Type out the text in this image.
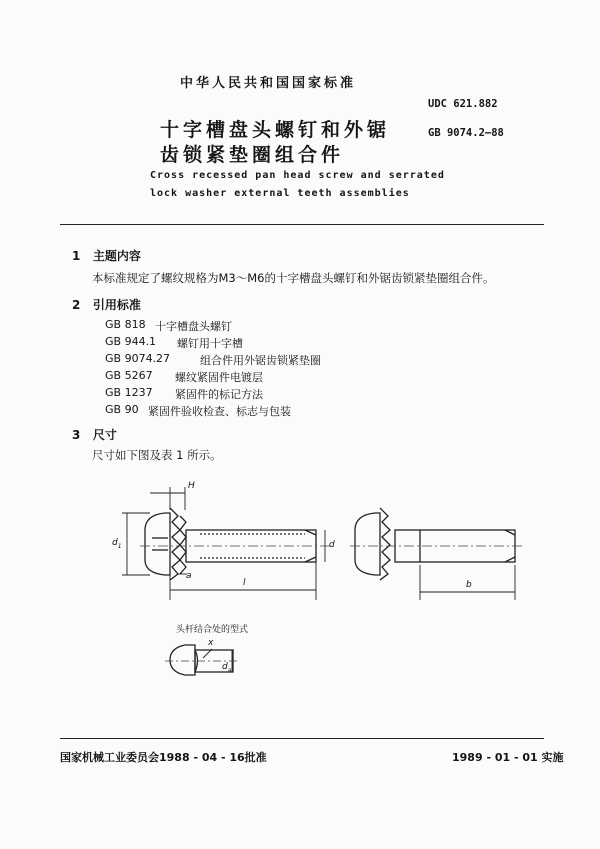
中华人民共和国国家标准
UDC 621.882
十字槽盘头螺钉和外锯	GB 9074.2—88
齿锁紧垫圈组合件
Cross recessed pan head screw and serrated
lock washer external teeth assemblies
1 主题内容
本标准规定了螺纹规格为M3～M6的十字槽盘头螺钉和外锯齿锁紧垫圈组合件。
2 引用标准
GB 818 十字槽盘头螺钉
GB 944.1	螺钉用十字槽
GB 9074.27	组合件用外锯齿锁紧垫圈
GB 5267	螺纹紧固件电镀层
GB 1237	紧固件的标记方法
GB 90 紧固件验收检查、标志与包装
3 尺寸
尺寸如下图及表 1 所示。
H
$d_1$	d
a
l	b
x
$d_a$
头杆结合处的型式
国家机械工业委员会1988 - 04 - 16批准	1989 - 01 - 01 实施
